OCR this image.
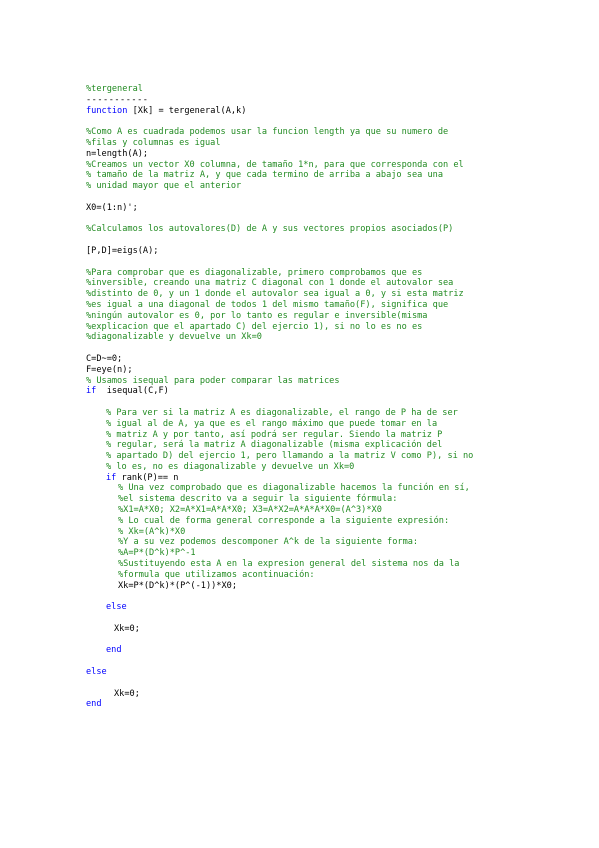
%tergeneral
-----------
function [Xk] = tergeneral(A,k)
%Como A es cuadrada podemos usar la funcion length ya que su numero de
%filas y columnas es igual
n=length(A);
%Creamos un vector X0 columna, de tamaño 1*n, para que corresponda con el
% tamaño de la matriz A, y que cada termino de arriba a abajo sea una
% unidad mayor que el anterior
X0=(1:n)';
%Calculamos los autovalores(D) de A y sus vectores propios asociados(P)
[P,D]=eigs(A);
%Para comprobar que es diagonalizable, primero comprobamos que es
%inversible, creando una matriz C diagonal con 1 donde el autovalor sea
%distinto de 0, y un 1 donde el autovalor sea igual a 0, y si esta matriz
%es igual a una diagonal de todos 1 del mismo tamaño(F), significa que
%ningún autovalor es 0, por lo tanto es regular e inversible(misma
%explicacion que el apartado C) del ejercio 1), si no lo es no es
%diagonalizable y devuelve un Xk=0
C=D~=0;
F=eye(n);
% Usamos isequal para poder comparar las matrices
if  isequal(C,F)
% Para ver si la matriz A es diagonalizable, el rango de P ha de ser
% igual al de A, ya que es el rango máximo que puede tomar en la
% matriz A y por tanto, así podrá ser regular. Siendo la matriz P
% regular, será la matriz A diagonalizable (misma explicación del
% apartado D) del ejercio 1, pero llamando a la matriz V como P), si no
% lo es, no es diagonalizable y devuelve un Xk=0
if rank(P)== n
% Una vez comprobado que es diagonalizable hacemos la función en sí,
%el sistema descrito va a seguir la siguiente fórmula:
%X1=A*X0; X2=A*X1=A*A*X0; X3=A*X2=A*A*A*X0=(A^3)*X0
% Lo cual de forma general corresponde a la siguiente expresión:
% Xk=(A^k)*X0
%Y a su vez podemos descomponer A^k de la siguiente forma:
%A=P*(D^k)*P^-1
%Sustituyendo esta A en la expresion general del sistema nos da la
%formula que utilizamos acontinuación:
Xk=P*(D^k)*(P^(-1))*X0;
else
Xk=0;
end
else
Xk=0;
end
